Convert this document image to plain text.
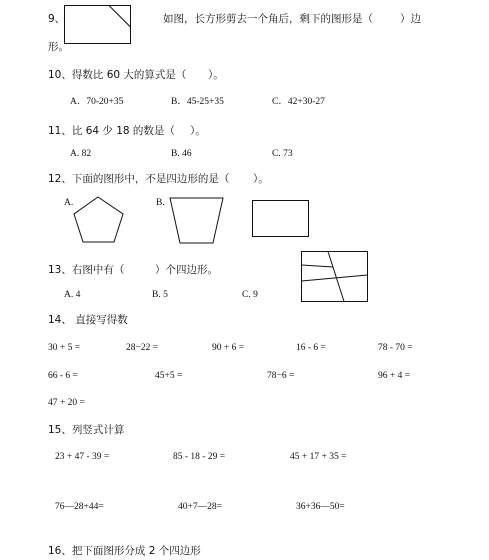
9、	如图，长方形剪去一个角后，剩下的图形是（	）边
形。
10、得数比 60 大的算式是（ ）。
A．70-20+35	B．45-25+35	C．42+30-27
11、比 64 少 18 的数是（ ）。
A. 82	B. 46	C. 73
12、下面的图形中，不是四边形的是（ ）。
A.	B.
13、右图中有（	）个四边形。
A. 4	B. 5	C. 9
14、 直接写得数
30 + 5 =	28−22 =	90 + 6 =	16 - 6 =	78 - 70 =
66 - 6 =	45+5 =	78−6 =	96 + 4 =
47 + 20 =
15、列竖式计算
23 + 47 - 39 =	85 - 18 - 29 =	45 + 17 + 35 =
76—28+44=	40+7—28=	36+36—50=
16、把下面图形分成 2 个四边形
